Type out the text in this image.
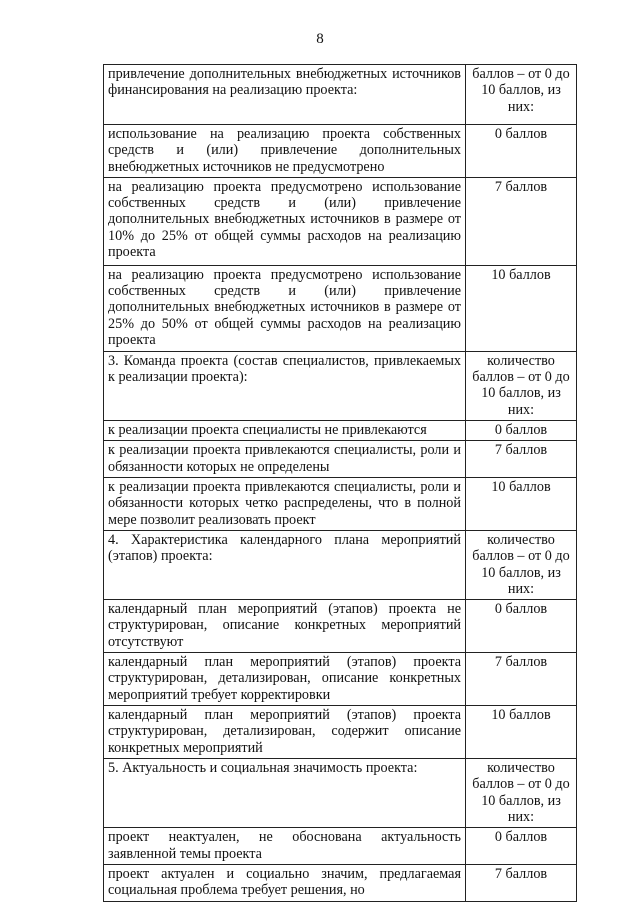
8
привлечение дополнительных внебюджетных источников финансирования на реализацию проекта:	баллов – от 0 до 10 баллов, из них:
использование на реализацию проекта собственных средств и (или) привлечение дополнительных внебюджетных источников не предусмотрено	0 баллов
на реализацию проекта предусмотрено использование собственных средств и (или) привлечение дополнительных внебюджетных источников в размере от 10% до 25% от общей суммы расходов на реализацию проекта	7 баллов
на реализацию проекта предусмотрено использование собственных средств и (или) привлечение дополнительных внебюджетных источников в размере от 25% до 50% от общей суммы расходов на реализацию проекта	10 баллов
3. Команда проекта (состав специалистов, привлекаемых к реализации проекта):	количество баллов – от 0 до 10 баллов, из них:
к реализации проекта специалисты не привлекаются	0 баллов
к реализации проекта привлекаются специалисты, роли и обязанности которых не определены	7 баллов
к реализации проекта привлекаются специалисты, роли и обязанности которых четко распределены, что в полной мере позволит реализовать проект	10 баллов
4. Характеристика календарного плана мероприятий (этапов) проекта:	количество баллов – от 0 до 10 баллов, из них:
календарный план мероприятий (этапов) проекта не структурирован, описание конкретных мероприятий отсутствуют	0 баллов
календарный план мероприятий (этапов) проекта структурирован, детализирован, описание конкретных мероприятий требует корректировки	7 баллов
календарный план мероприятий (этапов) проекта структурирован, детализирован, содержит описание конкретных мероприятий	10 баллов
5. Актуальность и социальная значимость проекта:	количество баллов – от 0 до 10 баллов, из них:
проект неактуален, не обоснована актуальность заявленной темы проекта	0 баллов
проект актуален и социально значим, предлагаемая социальная проблема требует решения, но	7 баллов
